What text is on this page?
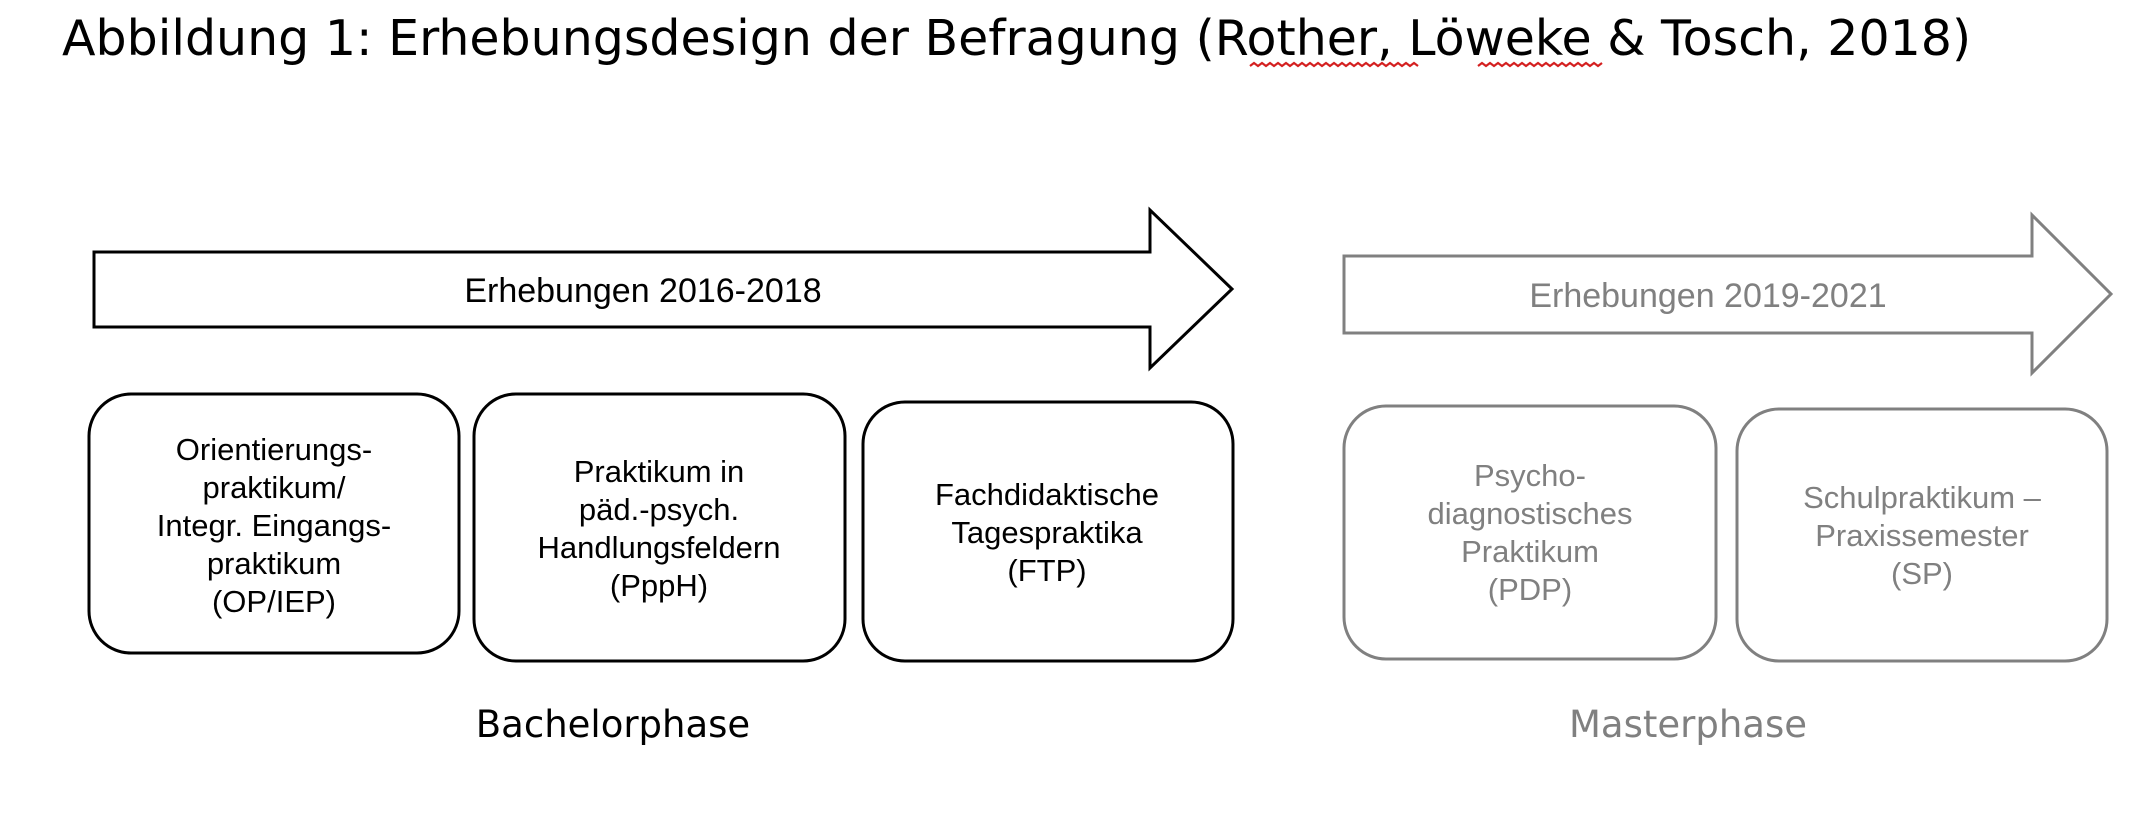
Abbildung 1: Erhebungsdesign der Befragung (Rother, Löweke & Tosch, 2018)
Erhebungen 2016-2018	Erhebungen 2019-2021
Orientierungs-praktikum/ Integr. Eingangs-praktikum (OP/IEP)
Praktikum in päd.-psych. Handlungsfeldern (PppH)
Fachdidaktische Tagespraktika (FTP)
Psycho-diagnostisches Praktikum (PDP)
Schulpraktikum – Praxissemester (SP)
Bachelorphase	Masterphase
